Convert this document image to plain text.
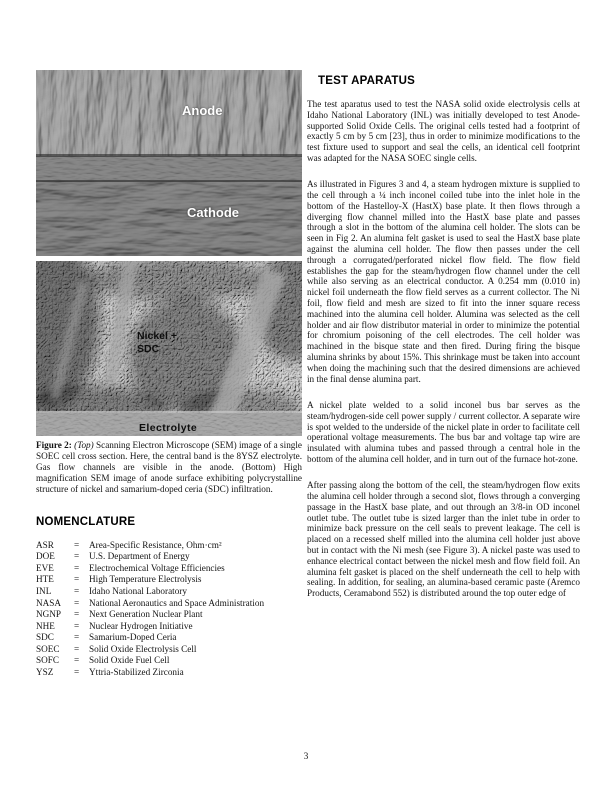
Anode
Cathode
Nickel +
SDC
Electrolyte

Figure 2: (Top) Scanning Electron Microscope (SEM) image of a single SOEC cell cross section. Here, the central band is the 8YSZ electrolyte. Gas flow channels are visible in the anode. (Bottom) High magnification SEM image of anode surface exhibiting polycrystalline structure of nickel and samarium-doped ceria (SDC) infiltration.

NOMENCLATURE
ASR	=	Area-Specific Resistance, Ohm·cm²
DOE	=	U.S. Department of Energy
EVE	=	Electrochemical Voltage Efficiencies
HTE	=	High Temperature Electrolysis
INL	=	Idaho National Laboratory
NASA	=	National Aeronautics and Space Administration
NGNP	=	Next Generation Nuclear Plant
NHE	=	Nuclear Hydrogen Initiative
SDC	=	Samarium-Doped Ceria
SOEC	=	Solid Oxide Electrolysis Cell
SOFC	=	Solid Oxide Fuel Cell
YSZ	=	Yttria-Stabilized Zirconia
TEST APARATUS

The test aparatus used to test the NASA solid oxide electrolysis cells at Idaho National Laboratory (INL) was initially developed to test Anode-supported Solid Oxide Cells. The original cells tested had a footprint of exactly 5 cm by 5 cm [23], thus in order to minimize modifications to the test fixture used to support and seal the cells, an identical cell footprint was adapted for the NASA SOEC single cells.

As illustrated in Figures 3 and 4, a steam hydrogen mixture is supplied to the cell through a ¼ inch inconel coiled tube into the inlet hole in the bottom of the Hastelloy-X (HastX) base plate. It then flows through a diverging flow channel milled into the HastX base plate and passes through a slot in the bottom of the alumina cell holder. The slots can be seen in Fig 2. An alumina felt gasket is used to seal the HastX base plate against the alumina cell holder. The flow then passes under the cell through a corrugated/perforated nickel flow field. The flow field establishes the gap for the steam/hydrogen flow channel under the cell while also serving as an electrical conductor. A 0.254 mm (0.010 in) nickel foil underneath the flow field serves as a current collector. The Ni foil, flow field and mesh are sized to fit into the inner square recess machined into the alumina cell holder. Alumina was selected as the cell holder and air flow distributor material in order to minimize the potential for chromium poisoning of the cell electrodes. The cell holder was machined in the bisque state and then fired. During firing the bisque alumina shrinks by about 15%. This shrinkage must be taken into account when doing the machining such that the desired dimensions are achieved in the final dense alumina part.

A nickel plate welded to a solid inconel bus bar serves as the steam/hydrogen-side cell power supply / current collector. A separate wire is spot welded to the underside of the nickel plate in order to facilitate cell operational voltage measurements. The bus bar and voltage tap wire are insulated with alumina tubes and passed through a central hole in the bottom of the alumina cell holder, and in turn out of the furnace hot-zone.

After passing along the bottom of the cell, the steam/hydrogen flow exits the alumina cell holder through a second slot, flows through a converging passage in the HastX base plate, and out through an 3/8-in OD inconel outlet tube. The outlet tube is sized larger than the inlet tube in order to minimize back pressure on the cell seals to prevent leakage. The cell is placed on a recessed shelf milled into the alumina cell holder just above but in contact with the Ni mesh (see Figure 3). A nickel paste was used to enhance electrical contact between the nickel mesh and flow field foil. An alumina felt gasket is placed on the shelf underneath the cell to help with sealing. In addition, for sealing, an alumina-based ceramic paste (Aremco Products, Ceramabond 552) is distributed around the top outer edge of

3
